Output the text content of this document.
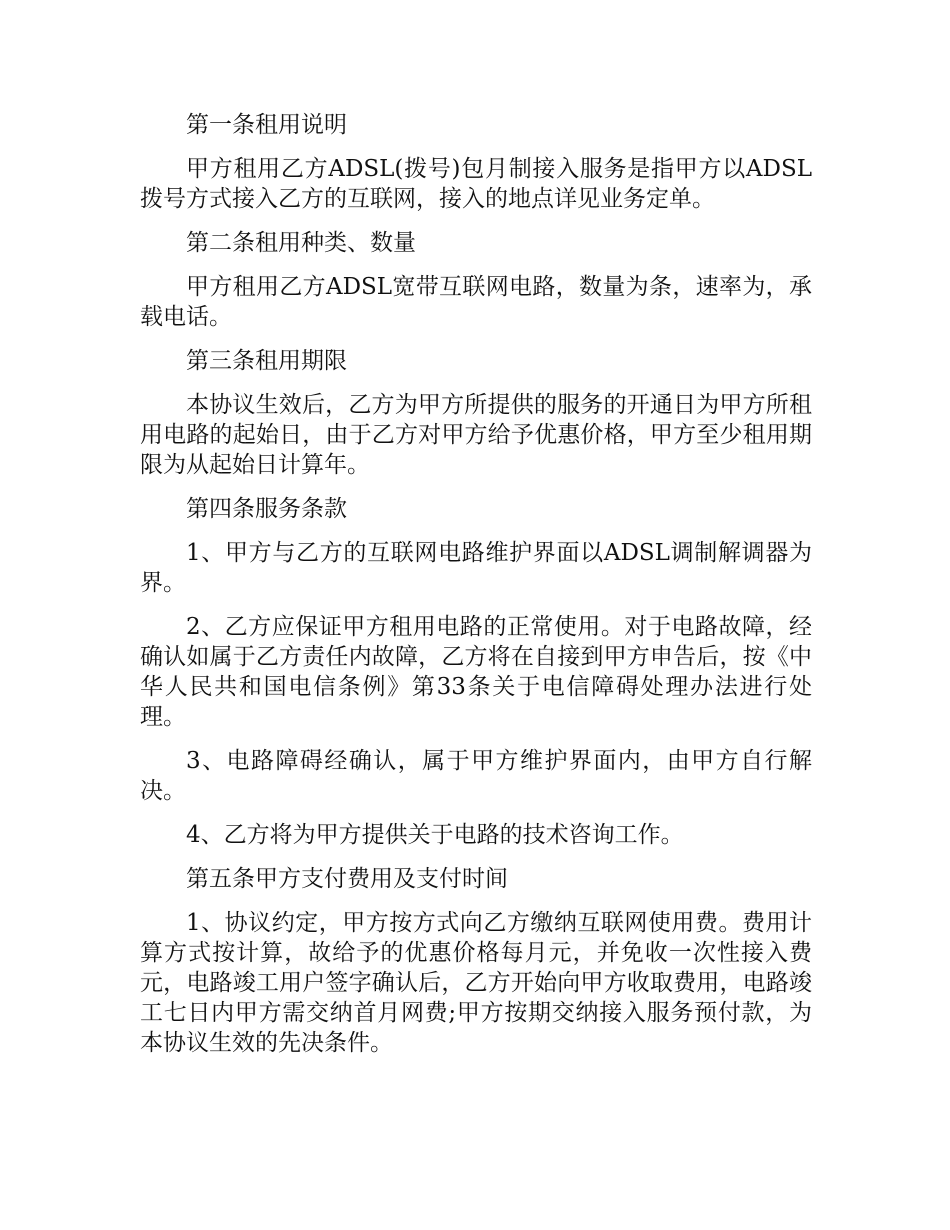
第一条租用说明

甲方租用乙方ADSL(拨号)包月制接入服务是指甲方以ADSL拨号方式接入乙方的互联网，接入的地点详见业务定单。

第二条租用种类、数量

甲方租用乙方ADSL宽带互联网电路，数量为条，速率为，承载电话。

第三条租用期限

本协议生效后，乙方为甲方所提供的服务的开通日为甲方所租用电路的起始日，由于乙方对甲方给予优惠价格，甲方至少租用期限为从起始日计算年。

第四条服务条款

1、甲方与乙方的互联网电路维护界面以ADSL调制解调器为界。

2、乙方应保证甲方租用电路的正常使用。对于电路故障，经确认如属于乙方责任内故障，乙方将在自接到甲方申告后，按《中华人民共和国电信条例》第33条关于电信障碍处理办法进行处理。

3、电路障碍经确认，属于甲方维护界面内，由甲方自行解决。

4、乙方将为甲方提供关于电路的技术咨询工作。

第五条甲方支付费用及支付时间

1、协议约定，甲方按方式向乙方缴纳互联网使用费。费用计算方式按计算，故给予的优惠价格每月元，并免收一次性接入费元，电路竣工用户签字确认后，乙方开始向甲方收取费用，电路竣工七日内甲方需交纳首月网费;甲方按期交纳接入服务预付款，为本协议生效的先决条件。
